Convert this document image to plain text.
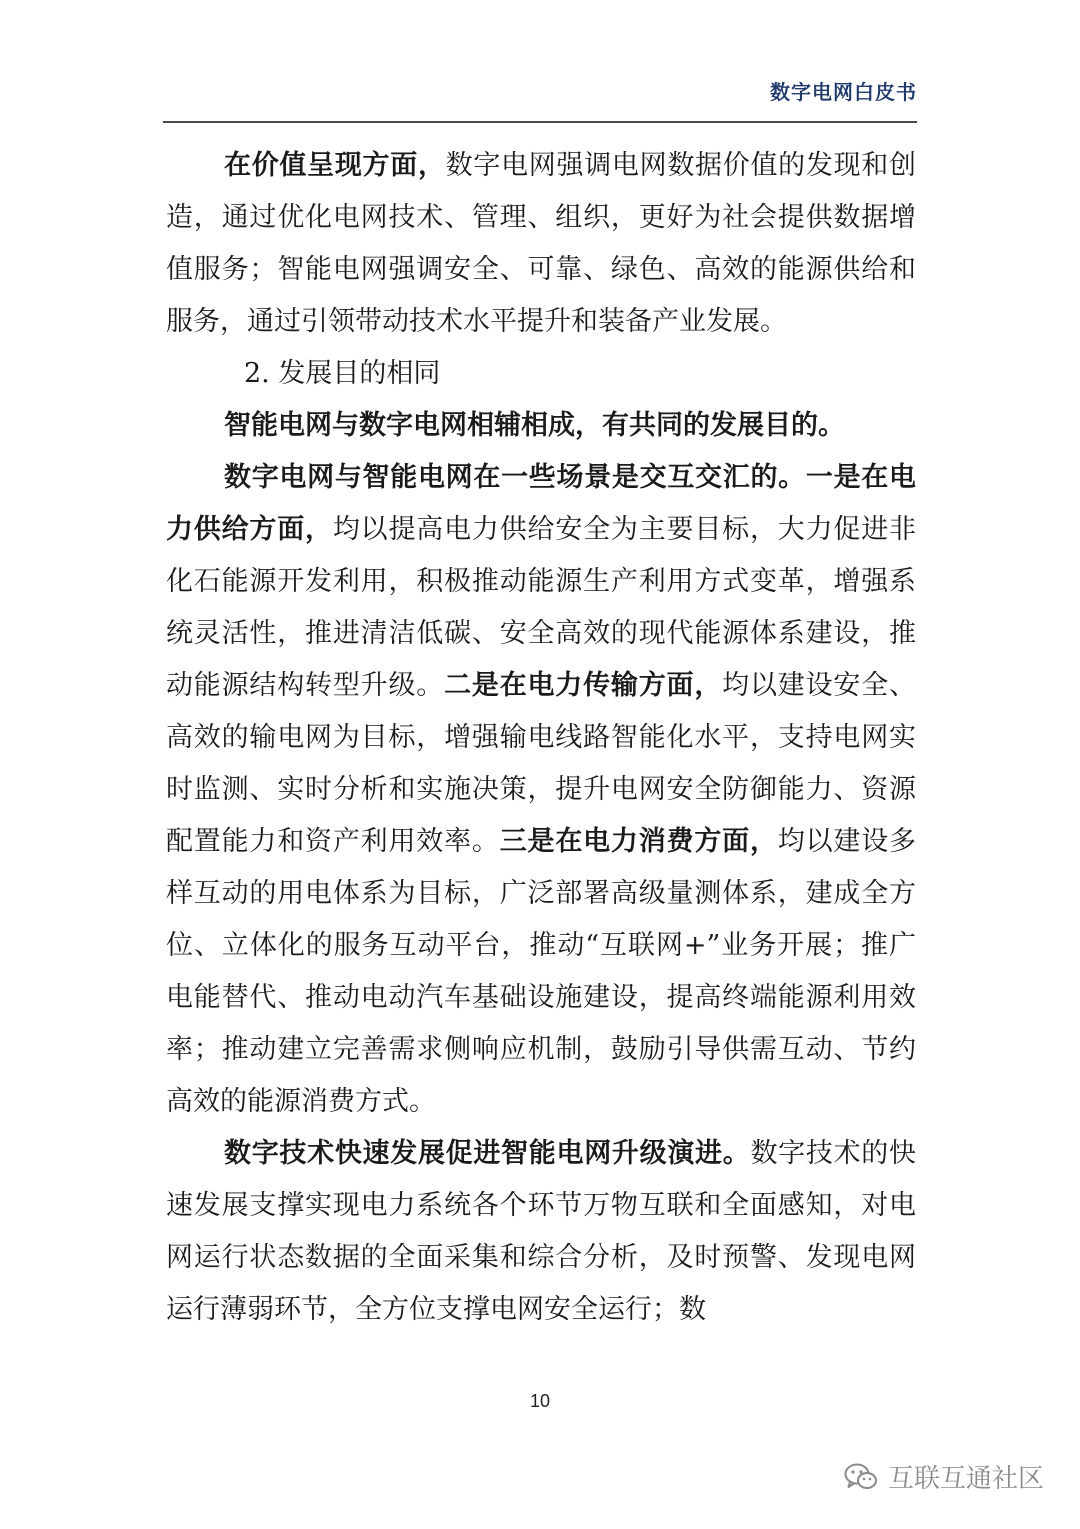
数字电网白皮书

在价值呈现方面，数字电网强调电网数据价值的发现和创造，通过优化电网技术、管理、组织，更好为社会提供数据增值服务；智能电网强调安全、可靠、绿色、高效的能源供给和服务，通过引领带动技术水平提升和装备产业发展。

2. 发展目的相同

智能电网与数字电网相辅相成，有共同的发展目的。

数字电网与智能电网在一些场景是交互交汇的。一是在电力供给方面，均以提高电力供给安全为主要目标，大力促进非化石能源开发利用，积极推动能源生产利用方式变革，增强系统灵活性，推进清洁低碳、安全高效的现代能源体系建设，推动能源结构转型升级。二是在电力传输方面，均以建设安全、高效的输电网为目标，增强输电线路智能化水平，支持电网实时监测、实时分析和实施决策，提升电网安全防御能力、资源配置能力和资产利用效率。三是在电力消费方面，均以建设多样互动的用电体系为目标，广泛部署高级量测体系，建成全方位、立体化的服务互动平台，推动“互联网+”业务开展；推广电能替代、推动电动汽车基础设施建设，提高终端能源利用效率；推动建立完善需求侧响应机制，鼓励引导供需互动、节约高效的能源消费方式。

数字技术快速发展促进智能电网升级演进。数字技术的快速发展支撑实现电力系统各个环节万物互联和全面感知，对电网运行状态数据的全面采集和综合分析，及时预警、发现电网运行薄弱环节，全方位支撑电网安全运行；数

10
互联互通社区
